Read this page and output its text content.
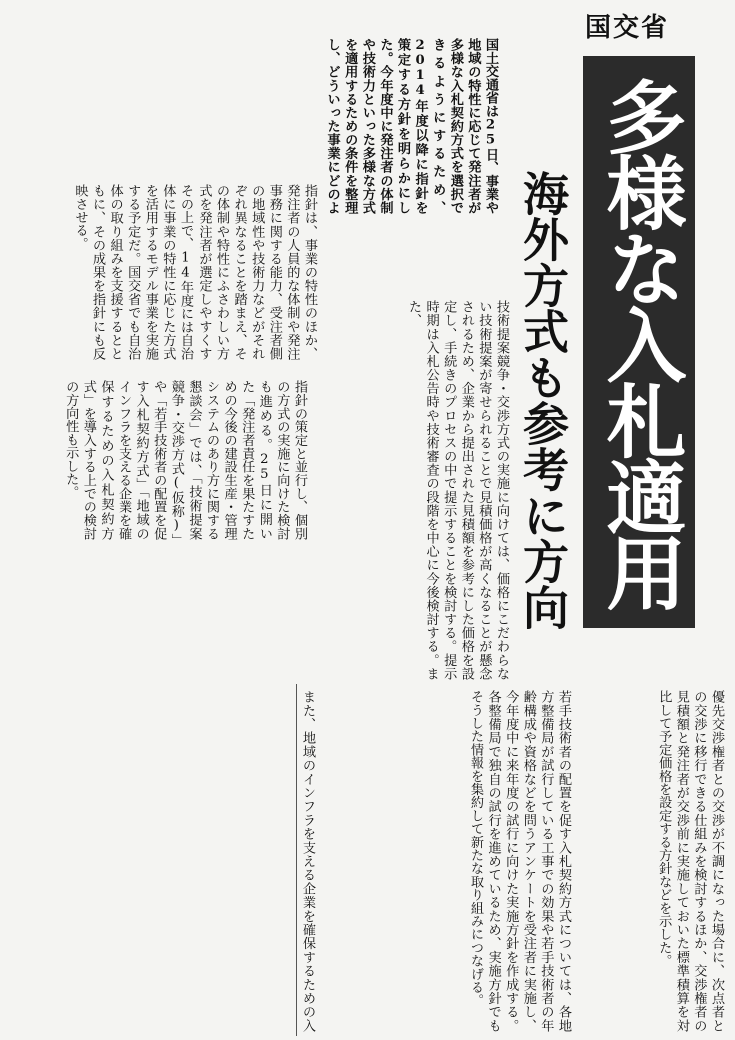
国交省
多様な入札適用
海外方式も参考に方向
国土交通省は25日、事業や地域の特性に応じて発注者が多様な入札契約方式を選択できるようにするため、2014年度以降に指針を策定する方針を明らかにした。今年度中に発注者の体制や技術力といった多様な方式を適用するための条件を整理し、どういった事業にどのよ
指針は、事業の特性のほか、発注者の人員的な体制や発注事務に関する能力、受注者側の地域性や技術力などがそれぞれ異なることを踏まえ、その体制や特性にふさわしい方式を発注者が選定しやすくす
その上で、14年度には自治体に事業の特性に応じた方式を活用するモデル事業を実施する予定だ。国交省でも自治体の取り組みを支援するとともに、その成果を指針にも反映させる。
指針の策定と並行し、個別の方式の実施に向けた検討も進める。25日に開いた「発注者責任を果たすための今後の建設生産・管理システムのあり方に関する懇談会」では、「技術提案競争・交渉方式(仮称)」や「若手技術者の配置を促す入札契約方式」「地域のインフラを支える企業を確保するための入札契約方式」を導入する上での検討の方向性も示した。	技術提案競争・交渉方式の実施に向けては、価格にこだわらない技術提案が寄せられることで見積価格が高くなることが懸念されるため、企業から提出された見積額を参考にした価格を設定し、手続きのプロセスの中で提示することを検討する。提示時期は入札公告時や技術審査の段階を中心に今後検討する。また、
優先交渉権者との交渉が不調になった場合に、次点者との交渉に移行できる仕組みを検討するほか、交渉権者の見積額と発注者が交渉前に実施しておいた標準積算を対比して予定価格を設定する方針などを示した。
若手技術者の配置を促す入札契約方式については、各地方整備局が試行している工事での効果や若手技術者の年齢構成や資格などを問うアンケートを受注者に実施し、今年度中に来年度の試行に向けた実施方針を作成する。各整備局で独自の試行を進めているため、実施方針でもそうした情報を集約して新たな取り組みにつなげる。
また、地域のインフラを支える企業を確保するための入
